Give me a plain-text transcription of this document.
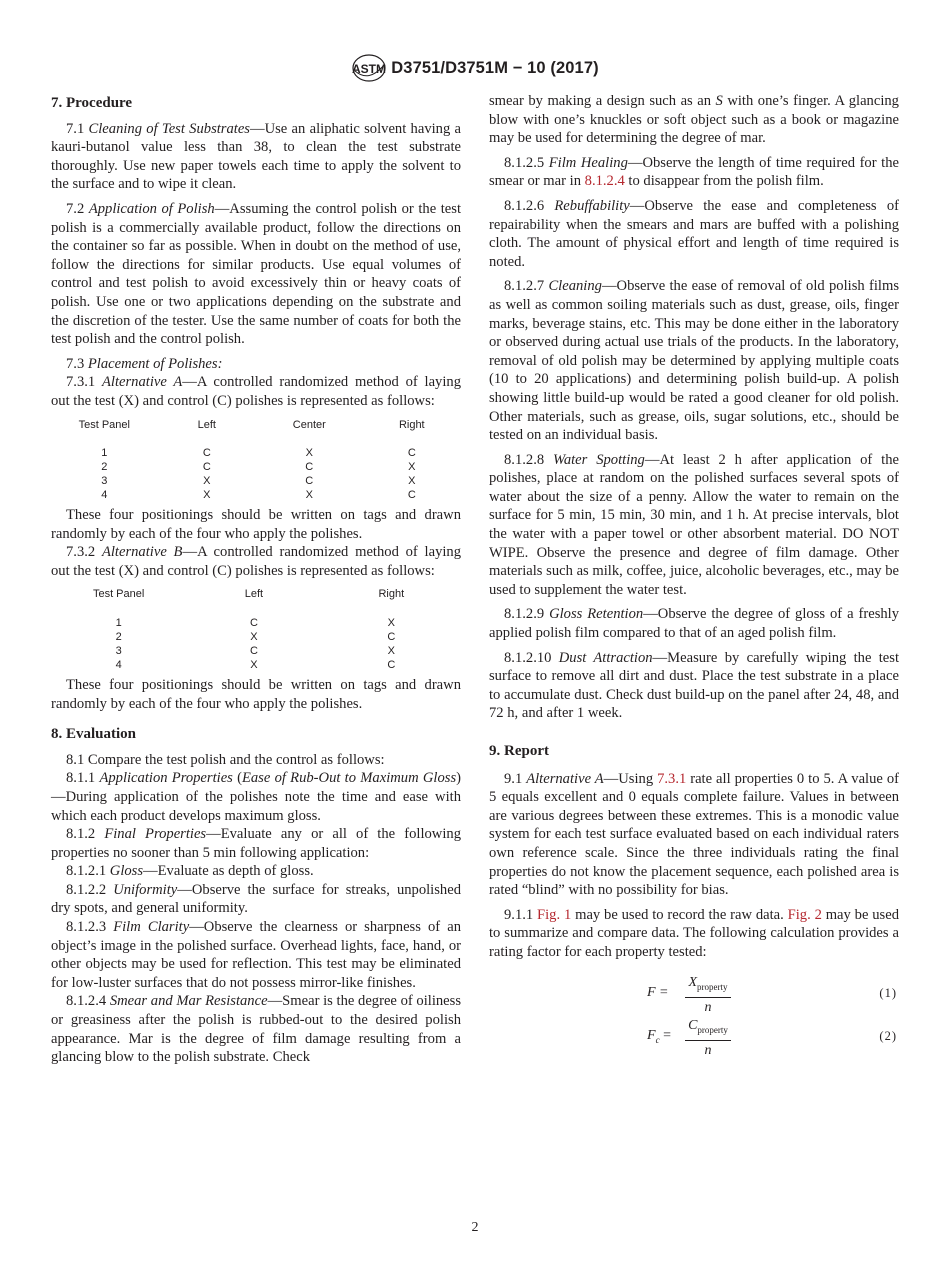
ASTM D3751/D3751M − 10 (2017)
7. Procedure

7.1 Cleaning of Test Substrates—Use an aliphatic solvent having a kauri-butanol value less than 38, to clean the test substrate thoroughly. Use new paper towels each time to apply the solvent to the surface and to wipe it clean.

7.2 Application of Polish—Assuming the control polish or the test polish is a commercially available product, follow the directions on the container so far as possible. When in doubt on the method of use, follow the directions for similar products. Use equal volumes of control and test polish to avoid excessively thin or heavy coats of polish. Use one or two applications depending on the substrate and the discretion of the tester. Use the same number of coats for both the test polish and the control polish.

7.3 Placement of Polishes:

7.3.1 Alternative A—A controlled randomized method of laying out the test (X) and control (C) polishes is represented as follows:

Test Panel	Left	Center	Right
1	C	X	C
2	C	C	X
3	X	C	X
4	X	X	C

These four positionings should be written on tags and drawn randomly by each of the four who apply the polishes.

7.3.2 Alternative B—A controlled randomized method of laying out the test (X) and control (C) polishes is represented as follows:

Test Panel	Left	Right
1	C	X
2	X	C
3	C	X
4	X	C

These four positionings should be written on tags and drawn randomly by each of the four who apply the polishes.

8. Evaluation

8.1 Compare the test polish and the control as follows:

8.1.1 Application Properties (Ease of Rub-Out to Maximum Gloss)—During application of the polishes note the time and ease with which each product develops maximum gloss.

8.1.2 Final Properties—Evaluate any or all of the following properties no sooner than 5 min following application:

8.1.2.1 Gloss—Evaluate as depth of gloss.

8.1.2.2 Uniformity—Observe the surface for streaks, unpolished dry spots, and general uniformity.

8.1.2.3 Film Clarity—Observe the clearness or sharpness of an object’s image in the polished surface. Overhead lights, face, hand, or other objects may be used for reflection. This test may be eliminated for low-luster surfaces that do not possess mirror-like finishes.

8.1.2.4 Smear and Mar Resistance—Smear is the degree of oiliness or greasiness after the polish is rubbed-out to the desired polish appearance. Mar is the degree of film damage resulting from a glancing blow to the polish substrate. Check

smear by making a design such as an S with one’s finger. A glancing blow with one’s knuckles or soft object such as a book or magazine may be used for determining the degree of mar.

8.1.2.5 Film Healing—Observe the length of time required for the smear or mar in 8.1.2.4 to disappear from the polish film.

8.1.2.6 Rebuffability—Observe the ease and completeness of repairability when the smears and mars are buffed with a polishing cloth. The amount of physical effort and length of time required is noted.

8.1.2.7 Cleaning—Observe the ease of removal of old polish films as well as common soiling materials such as dust, grease, oils, finger marks, beverage stains, etc. This may be done either in the laboratory or observed during actual use trials of the products. In the laboratory, removal of old polish may be determined by applying multiple coats (10 to 20 applications) and determining polish build-up. A polish showing little build-up would be rated a good cleaner for old polish. Other materials, such as grease, oils, sugar solutions, etc., should be tested on an individual basis.

8.1.2.8 Water Spotting—At least 2 h after application of the polishes, place at random on the polished surfaces several spots of water about the size of a penny. Allow the water to remain on the surface for 5 min, 15 min, 30 min, and 1 h. At precise intervals, blot the water with a paper towel or other absorbent material. DO NOT WIPE. Observe the presence and degree of film damage. Other materials such as milk, coffee, juice, alcoholic beverages, etc., may be used to supplement the water test.

8.1.2.9 Gloss Retention—Observe the degree of gloss of a freshly applied polish film compared to that of an aged polish film.

8.1.2.10 Dust Attraction—Measure by carefully wiping the test surface to remove all dirt and dust. Place the test substrate in a place to accumulate dust. Check dust build-up on the panel after 24, 48, and 72 h, and after 1 week.

9. Report

9.1 Alternative A—Using 7.3.1 rate all properties 0 to 5. A value of 5 equals excellent and 0 equals complete failure. Values in between are various degrees between these extremes. This is a monodic value system for each test surface evaluated based on each individual raters own reference scale. Since the three individuals rating the final properties do not know the placement sequence, each polished area is rated “blind” with no possibility for bias.

9.1.1 Fig. 1 may be used to record the raw data. Fig. 2 may be used to summarize and compare data. The following calculation provides a rating factor for each property tested:

F =
$X_{property}$
n
(1)
$F_c$ =
$C_{property}$
n
(2)
2
